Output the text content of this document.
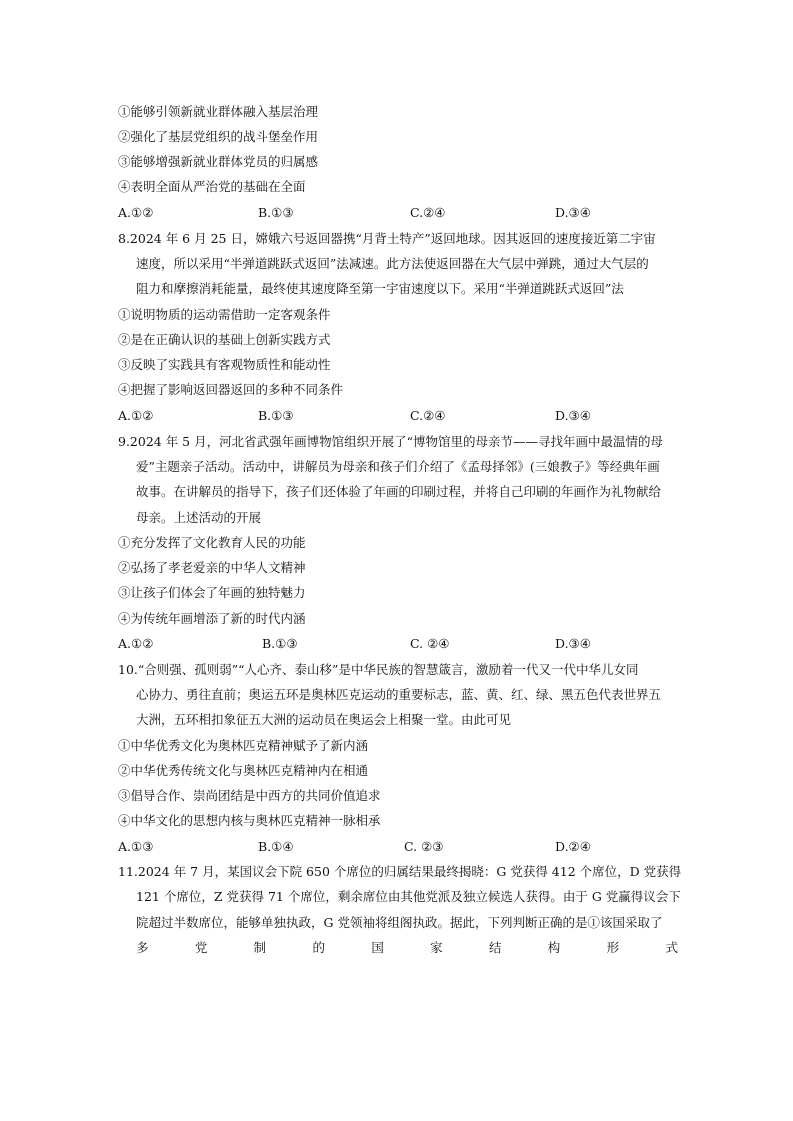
①能够引领新就业群体融入基层治理
②强化了基层党组织的战斗堡垒作用
③能够增强新就业群体党员的归属感
④表明全面从严治党的基础在全面
A.①②	B.①③	C.②④	D.③④
8.2024 年 6 月 25 日，嫦娥六号返回器携“月背土特产”返回地球。因其返回的速度接近第二宇宙
速度，所以采用“半弹道跳跃式返回”法减速。此方法使返回器在大气层中弹跳，通过大气层的
阻力和摩擦消耗能量，最终使其速度降至第一宇宙速度以下。采用“半弹道跳跃式返回”法
①说明物质的运动需借助一定客观条件
②是在正确认识的基础上创新实践方式
③反映了实践具有客观物质性和能动性
④把握了影响返回器返回的多种不同条件
A.①②	B.①③	C.②④	D.③④
9.2024 年 5 月，河北省武强年画博物馆组织开展了“博物馆里的母亲节——寻找年画中最温情的母
爱”主题亲子活动。活动中，讲解员为母亲和孩子们介绍了《孟母择邻》(三娘教子》等经典年画
故事。在讲解员的指导下，孩子们还体验了年画的印刷过程，并将自己印刷的年画作为礼物献给
母亲。上述活动的开展
①充分发挥了文化教育人民的功能
②弘扬了孝老爱亲的中华人文精神
③让孩子们体会了年画的独特魅力
④为传统年画增添了新的时代内涵
A.①②	B.①③	C. ②④	D.③④
10.“合则强、孤则弱”“人心齐、泰山移”是中华民族的智慧箴言，激励着一代又一代中华儿女同
心协力、勇往直前；奥运五环是奥林匹克运动的重要标志，蓝、黄、红、绿、黑五色代表世界五
大洲，五环相扣象征五大洲的运动员在奥运会上相聚一堂。由此可见
①中华优秀文化为奥林匹克精神赋予了新内涵
②中华优秀传统文化与奥林匹克精神内在相通
③倡导合作、崇尚团结是中西方的共同价值追求
④中华文化的思想内核与奥林匹克精神一脉相承
A.①③	B.①④	C. ②③	D.②④
11.2024 年 7 月，某国议会下院 650 个席位的归属结果最终揭晓：G 党获得 412 个席位，D 党获得
121 个席位，Z 党获得 71 个席位，剩余席位由其他党派及独立候选人获得。由于 G 党赢得议会下
院超过半数席位，能够单独执政，G 党领袖将组阁执政。据此，下列判断正确的是①该国采取了
多	党	制	的	国	家	结	构	形	式
